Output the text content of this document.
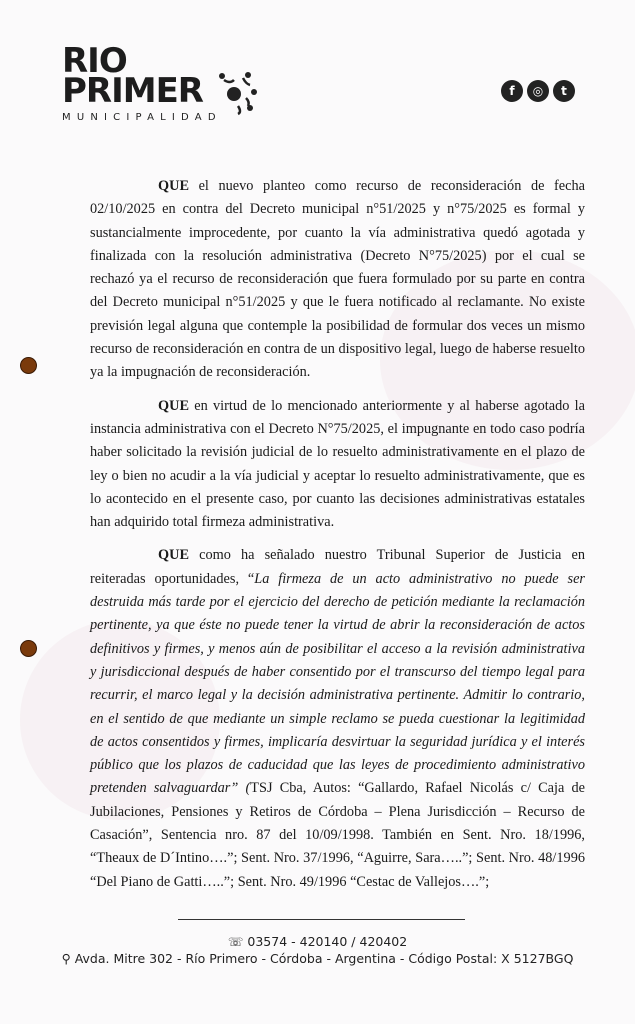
RIO
PRIMER
MUNICIPALIDAD
f	◎	t

QUE el nuevo planteo como recurso de reconsideración de fecha 02/10/2025 en contra del Decreto municipal n°51/2025 y n°75/2025 es formal y sustancialmente improcedente, por cuanto la vía administrativa quedó agotada y finalizada con la resolución administrativa (Decreto N°75/2025) por el cual se rechazó ya el recurso de reconsideración que fuera formulado por su parte en contra del Decreto municipal n°51/2025 y que le fuera notificado al reclamante. No existe previsión legal alguna que contemple la posibilidad de formular dos veces un mismo recurso de reconsideración en contra de un dispositivo legal, luego de haberse resuelto ya la impugnación de reconsideración.

QUE en virtud de lo mencionado anteriormente y al haberse agotado la instancia administrativa con el Decreto N°75/2025, el impugnante en todo caso podría haber solicitado la revisión judicial de lo resuelto administrativamente en el plazo de ley o bien no acudir a la vía judicial y aceptar lo resuelto administrativamente, que es lo acontecido en el presente caso, por cuanto las decisiones administrativas estatales han adquirido total firmeza administrativa.

QUE como ha señalado nuestro Tribunal Superior de Justicia en reiteradas oportunidades, “La firmeza de un acto administrativo no puede ser destruida más tarde por el ejercicio del derecho de petición mediante la reclamación pertinente, ya que éste no puede tener la virtud de abrir la reconsideración de actos definitivos y firmes, y menos aún de posibilitar el acceso a la revisión administrativa y jurisdiccional después de haber consentido por el transcurso del tiempo legal para recurrir, el marco legal y la decisión administrativa pertinente. Admitir lo contrario, en el sentido de que mediante un simple reclamo se pueda cuestionar la legitimidad de actos consentidos y firmes, implicaría desvirtuar la seguridad jurídica y el interés público que los plazos de caducidad que las leyes de procedimiento administrativo pretenden salvaguardar” (TSJ Cba, Autos: “Gallardo, Rafael Nicolás c/ Caja de Jubilaciones, Pensiones y Retiros de Córdoba – Plena Jurisdicción – Recurso de Casación”, Sentencia nro. 87 del 10/09/1998. También en Sent. Nro. 18/1996, “Theaux de D´Intino….”; Sent. Nro. 37/1996, “Aguirre, Sara…..”; Sent. Nro. 48/1996 “Del Piano de Gatti…..”; Sent. Nro. 49/1996 “Cestac de Vallejos….”;

☏ 03574 - 420140 / 420402
⚲ Avda. Mitre 302 - Río Primero - Córdoba - Argentina - Código Postal: X 5127BGQ
